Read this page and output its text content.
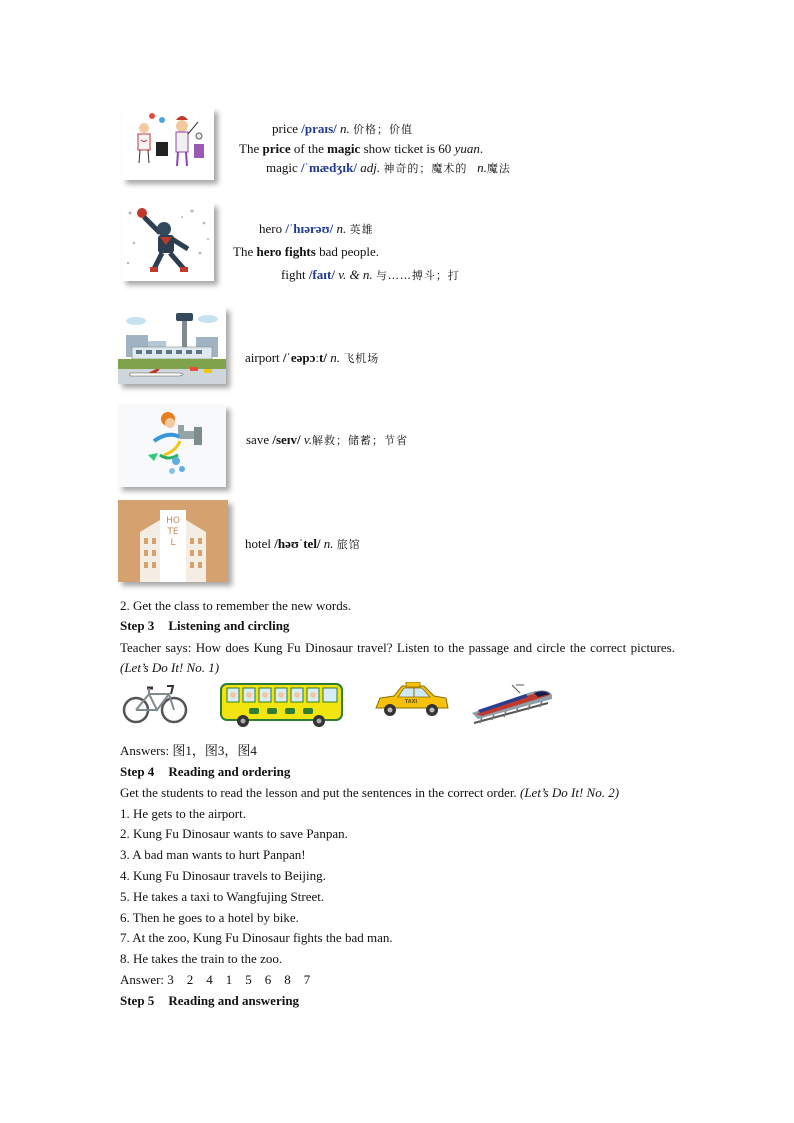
price /praɪs/ n. 价格；价值
The price of the magic show ticket is 60 yuan.
magic /ˈmædʒɪk/ adj. 神奇的；魔术的 n.魔法
hero /ˈhɪərəʊ/ n. 英雄
The hero fights bad people.
fight /faɪt/ v. & n. 与……搏斗；打
airport /ˈeəpɔːt/ n. 飞机场
save /seɪv/ v.解救；储蓄；节省
HOTEL	hotel /həʊˈtel/ n. 旅馆
2. Get the class to remember the new words.
Step 3 Listening and circling
Teacher says: How does Kung Fu Dinosaur travel? Listen to the passage and circle the correct pictures.(Let’s Do It! No. 1)
TAXI
Answers: 图1，图3，图4
Step 4 Reading and ordering
Get the students to read the lesson and put the sentences in the correct order. (Let’s Do It! No. 2)
1. He gets to the airport.
2. Kung Fu Dinosaur wants to save Panpan.
3. A bad man wants to hurt Panpan!
4. Kung Fu Dinosaur travels to Beijing.
5. He takes a taxi to Wangfujing Street.
6. Then he goes to a hotel by bike.
7. At the zoo, Kung Fu Dinosaur fights the bad man.
8. He takes the train to the zoo.
Answer: 3    2    4    1    5    6    8    7
Step 5 Reading and answering
